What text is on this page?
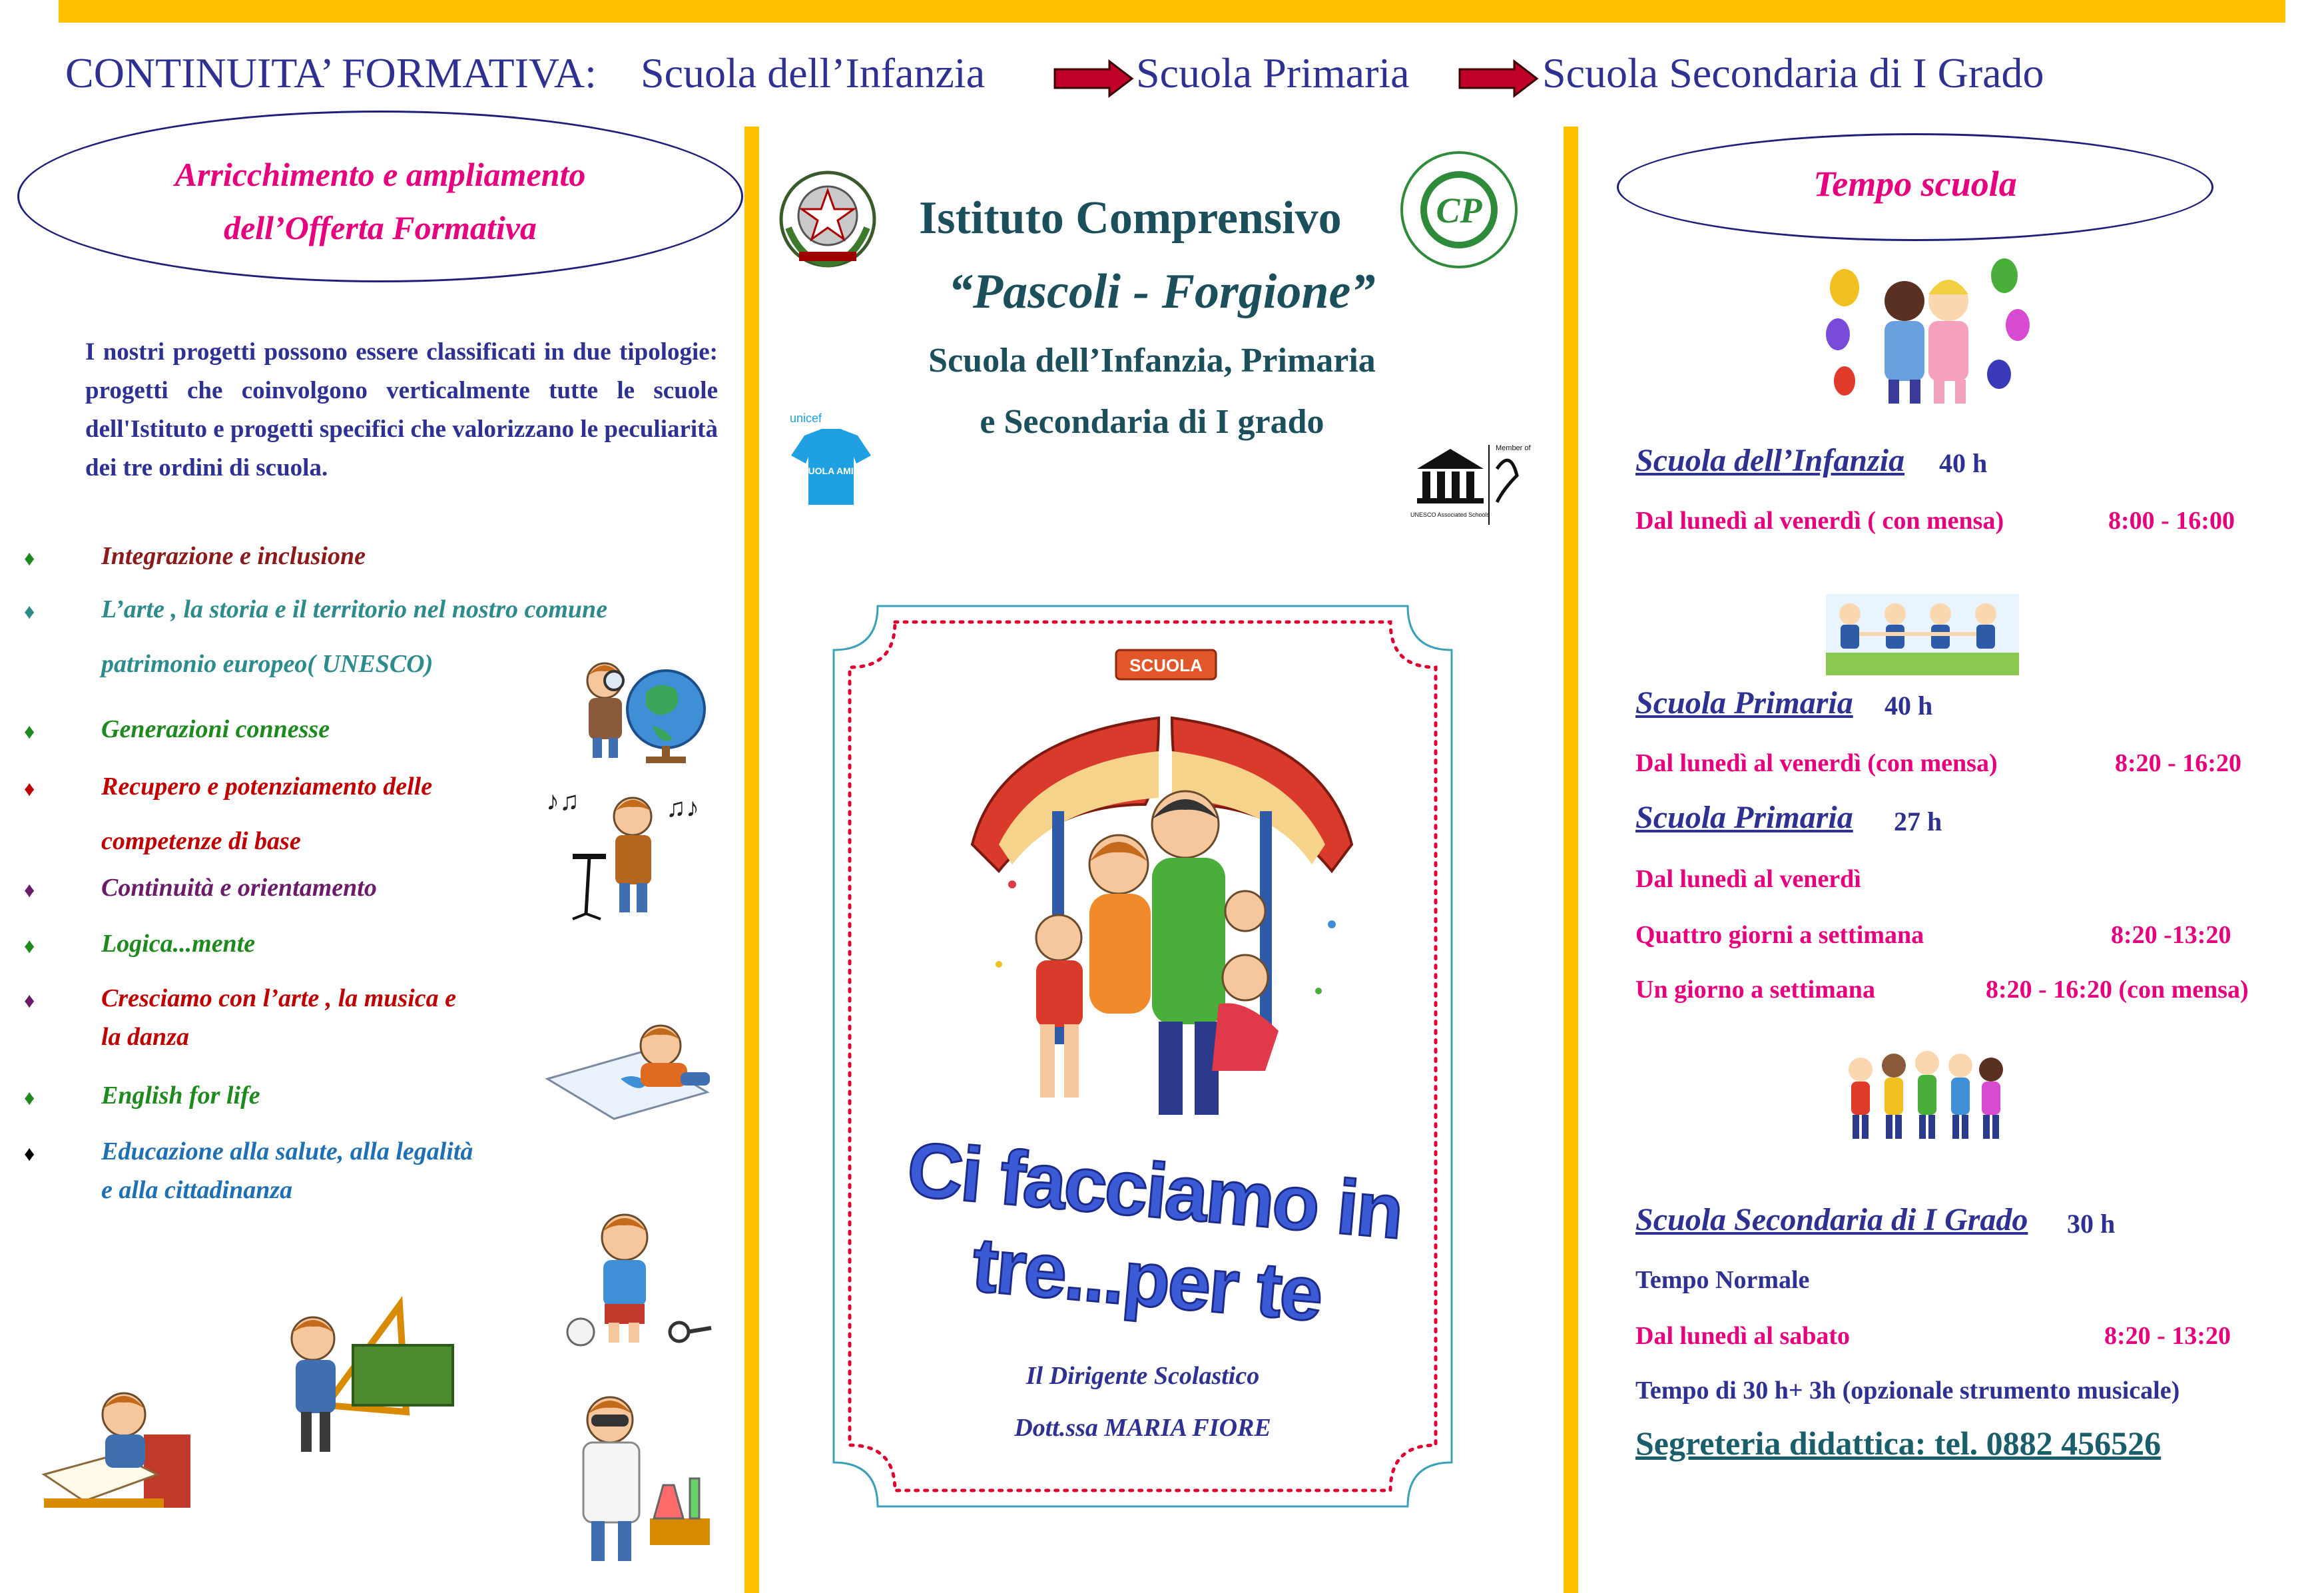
CONTINUITA’ FORMATIVA: Scuola dell’Infanzia	Scuola Primaria	Scuola Secondaria di I Grado
Arricchimento e ampliamento
dell’Offerta Formativa
I nostri progetti possono essere classificati in due tipologie: progetti che coinvolgono verticalmente tutte le scuole dell'Istituto e progetti specifici che valorizzano le peculiarità dei tre ordini di scuola.
♦	Integrazione e inclusione
♦	L’arte , la storia e il territorio nel nostro comune
patrimonio europeo( UNESCO)
♦	Generazioni connesse
♦	Recupero e potenziamento delle
competenze di base
♦	Continuità e orientamento
♦	Logica...mente
♦	Cresciamo con l’arte , la musica e
la danza
♦	English for life
♦	Educazione alla salute, alla legalità
e alla cittadinanza
♪♫	♫♪
CP
Istituto Comprensivo
“Pascoli - Forgione”
Scuola dell’Infanzia, Primaria
e Secondaria di I grado
unicef
SCUOLA AMICA
Member of
UNESCO Associated Schools
SCUOLA
Ci facciamo in tre...per te
Il Dirigente Scolastico
Dott.ssa MARIA FIORE
Tempo scuola
Scuola dell’Infanzia 40 h
Dal lunedì al venerdì ( con mensa)	8:00 - 16:00
Scuola Primaria 40 h
Dal lunedì al venerdì (con mensa)	8:20 - 16:20
Scuola Primaria 27 h
Dal lunedì al venerdì
Quattro giorni a settimana	8:20 -13:20
Un giorno a settimana	8:20 - 16:20 (con mensa)
Scuola Secondaria di I Grado 30 h
Tempo Normale
Dal lunedì al sabato	8:20 - 13:20
Tempo di 30 h+ 3h (opzionale strumento musicale)
Segreteria didattica: tel. 0882 456526
